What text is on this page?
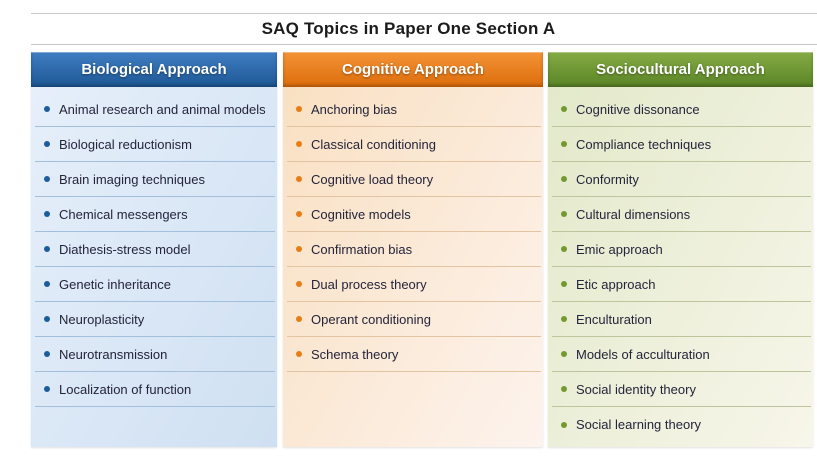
SAQ Topics in Paper One Section A
Biological Approach
Animal research and animal models
Biological reductionism
Brain imaging techniques
Chemical messengers
Diathesis-stress model
Genetic inheritance
Neuroplasticity
Neurotransmission
Localization of function
Cognitive Approach
Anchoring bias
Classical conditioning
Cognitive load theory
Cognitive models
Confirmation bias
Dual process theory
Operant conditioning
Schema theory
Sociocultural Approach
Cognitive dissonance
Compliance techniques
Conformity
Cultural dimensions
Emic approach
Etic approach
Enculturation
Models of acculturation
Social identity theory
Social learning theory
